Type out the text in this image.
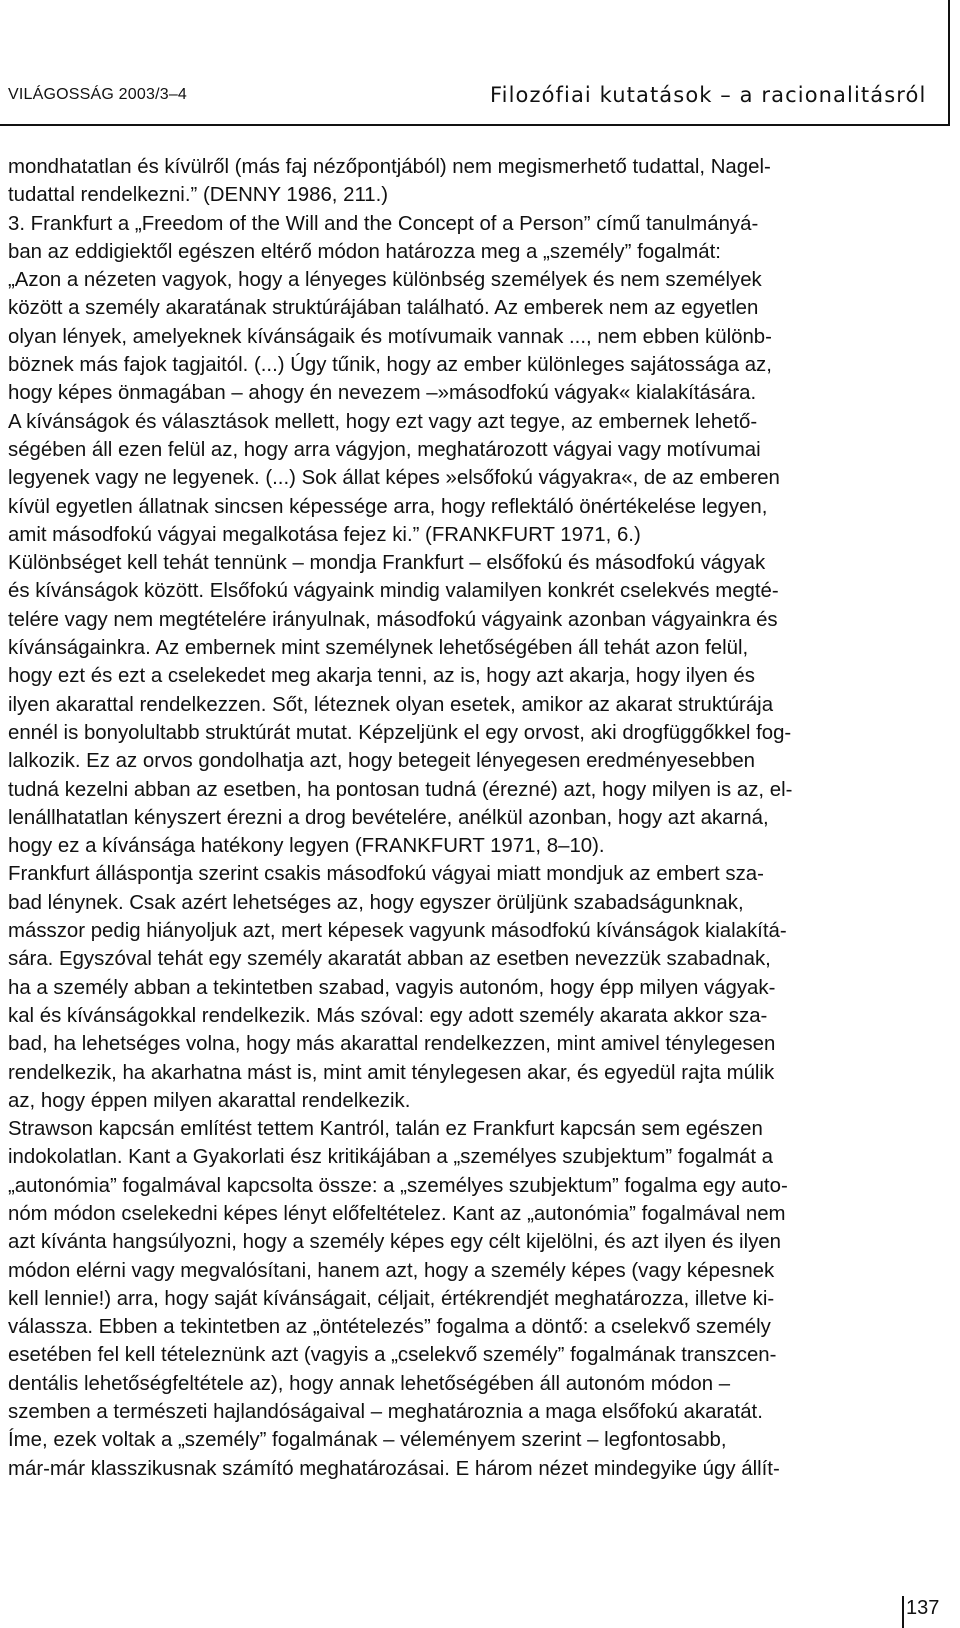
VILÁGOSSÁG 2003/3–4	Filozófiai kutatások – a racionalitásról
mondhatatlan és kívülről (más faj nézőpontjából) nem megismerhető tudattal, Nagel-
tudattal rendelkezni.” (DENNY 1986, 211.)
3. Frankfurt a „Freedom of the Will and the Concept of a Person” című tanulmányá-
ban az eddigiektől egészen eltérő módon határozza meg a „személy” fogalmát:
„Azon a nézeten vagyok, hogy a lényeges különbség személyek és nem személyek
között a személy akaratának struktúrájában található. Az emberek nem az egyetlen
olyan lények, amelyeknek kívánságaik és motívumaik vannak ..., nem ebben különb-
böznek más fajok tagjaitól. (...) Úgy tűnik, hogy az ember különleges sajátossága az,
hogy képes önmagában – ahogy én nevezem –»másodfokú vágyak« kialakítására.
A kívánságok és választások mellett, hogy ezt vagy azt tegye, az embernek lehető-
ségében áll ezen felül az, hogy arra vágyjon, meghatározott vágyai vagy motívumai
legyenek vagy ne legyenek. (...) Sok állat képes »elsőfokú vágyakra«, de az emberen
kívül egyetlen állatnak sincsen képessége arra, hogy reflektáló önértékelése legyen,
amit másodfokú vágyai megalkotása fejez ki.” (FRANKFURT 1971, 6.)
Különbséget kell tehát tennünk – mondja Frankfurt – elsőfokú és másodfokú vágyak
és kívánságok között. Elsőfokú vágyaink mindig valamilyen konkrét cselekvés megté-
telére vagy nem megtételére irányulnak, másodfokú vágyaink azonban vágyainkra és
kívánságainkra. Az embernek mint személynek lehetőségében áll tehát azon felül,
hogy ezt és ezt a cselekedet meg akarja tenni, az is, hogy azt akarja, hogy ilyen és
ilyen akarattal rendelkezzen. Sőt, léteznek olyan esetek, amikor az akarat struktúrája
ennél is bonyolultabb struktúrát mutat. Képzeljünk el egy orvost, aki drogfüggőkkel fog-
lalkozik. Ez az orvos gondolhatja azt, hogy betegeit lényegesen eredményesebben
tudná kezelni abban az esetben, ha pontosan tudná (érezné) azt, hogy milyen is az, el-
lenállhatatlan kényszert érezni a drog bevételére, anélkül azonban, hogy azt akarná,
hogy ez a kívánsága hatékony legyen (FRANKFURT 1971, 8–10).
Frankfurt álláspontja szerint csakis másodfokú vágyai miatt mondjuk az embert sza-
bad lénynek. Csak azért lehetséges az, hogy egyszer örüljünk szabadságunknak,
másszor pedig hiányoljuk azt, mert képesek vagyunk másodfokú kívánságok kialakítá-
sára. Egyszóval tehát egy személy akaratát abban az esetben nevezzük szabadnak,
ha a személy abban a tekintetben szabad, vagyis autonóm, hogy épp milyen vágyak-
kal és kívánságokkal rendelkezik. Más szóval: egy adott személy akarata akkor sza-
bad, ha lehetséges volna, hogy más akarattal rendelkezzen, mint amivel ténylegesen
rendelkezik, ha akarhatna mást is, mint amit ténylegesen akar, és egyedül rajta múlik
az, hogy éppen milyen akarattal rendelkezik.
Strawson kapcsán említést tettem Kantról, talán ez Frankfurt kapcsán sem egészen
indokolatlan. Kant a Gyakorlati ész kritikájában a „személyes szubjektum” fogalmát a
„autonómia” fogalmával kapcsolta össze: a „személyes szubjektum” fogalma egy auto-
nóm módon cselekedni képes lényt előfeltételez. Kant az „autonómia” fogalmával nem
azt kívánta hangsúlyozni, hogy a személy képes egy célt kijelölni, és azt ilyen és ilyen
módon elérni vagy megvalósítani, hanem azt, hogy a személy képes (vagy képesnek
kell lennie!) arra, hogy saját kívánságait, céljait, értékrendjét meghatározza, illetve ki-
válassza. Ebben a tekintetben az „öntételezés” fogalma a döntő: a cselekvő személy
esetében fel kell tételeznünk azt (vagyis a „cselekvő személy” fogalmának transzcen-
dentális lehetőségfeltétele az), hogy annak lehetőségében áll autonóm módon –
szemben a természeti hajlandóságaival – meghatároznia a maga elsőfokú akaratát.
Íme, ezek voltak a „személy” fogalmának – véleményem szerint – legfontosabb,
már-már klasszikusnak számító meghatározásai. E három nézet mindegyike úgy állít-
137
